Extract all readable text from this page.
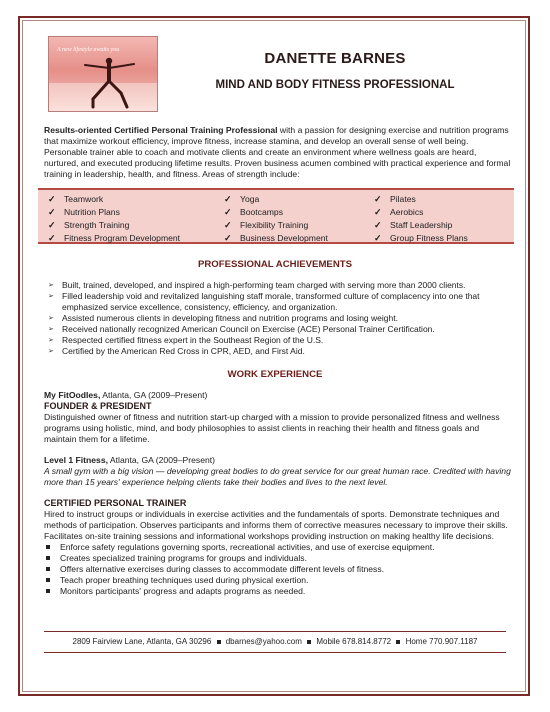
A new lifestyle awaits you	DANETTE BARNES
MIND AND BODY FITNESS PROFESSIONAL
Results-oriented Certified Personal Training Professional with a passion for designing exercise and nutrition programs that maximize workout efficiency, improve fitness, increase stamina, and develop an overall sense of well being. Personable trainer able to coach and motivate clients and create an environment where wellness goals are heard, nurtured, and executed producing lifetime results. Proven business acumen combined with practical experience and formal training in leadership, health, and fitness. Areas of strength include:
✓ Teamwork
✓ Nutrition Plans
✓ Strength Training
✓ Fitness Program Development
✓ Yoga
✓ Bootcamps
✓ Flexibility Training
✓ Business Development
✓ Pilates
✓ Aerobics
✓ Staff Leadership
✓ Group Fitness Plans
PROFESSIONAL ACHIEVEMENTS
➢ Built, trained, developed, and inspired a high-performing team charged with serving more than 2000 clients.
➢ Filled leadership void and revitalized languishing staff morale, transformed culture of complacency into one that emphasized service excellence, consistency, efficiency, and organization.
➢ Assisted numerous clients in developing fitness and nutrition programs and losing weight.
➢ Received nationally recognized American Council on Exercise (ACE) Personal Trainer Certification.
➢ Respected certified fitness expert in the Southeast Region of the U.S.
➢ Certified by the American Red Cross in CPR, AED, and First Aid.
WORK EXPERIENCE
My FitOodles, Atlanta, GA (2009–Present)
FOUNDER & PRESIDENT
Distinguished owner of fitness and nutrition start-up charged with a mission to provide personalized fitness and wellness programs using holistic, mind, and body philosophies to assist clients in reaching their health and fitness goals and maintain them for a lifetime.
Level 1 Fitness, Atlanta, GA (2009–Present)
A small gym with a big vision — developing great bodies to do great service for our great human race. Credited with having more than 15 years' experience helping clients take their bodies and lives to the next level.
CERTIFIED PERSONAL TRAINER
Hired to instruct groups or individuals in exercise activities and the fundamentals of sports. Demonstrate techniques and methods of participation. Observes participants and informs them of corrective measures necessary to improve their skills. Facilitates on-site training sessions and informational workshops providing instruction on making healthy life decisions.
Enforce safety regulations governing sports, recreational activities, and use of exercise equipment.
Creates specialized training programs for groups and individuals.
Offers alternative exercises during classes to accommodate different levels of fitness.
Teach proper breathing techniques used during physical exertion.
Monitors participants' progress and adapts programs as needed.
2809 Fairview Lane, Atlanta, GA 30296 dbarnes@yahoo.com Mobile 678.814.8772 Home 770.907.1187
